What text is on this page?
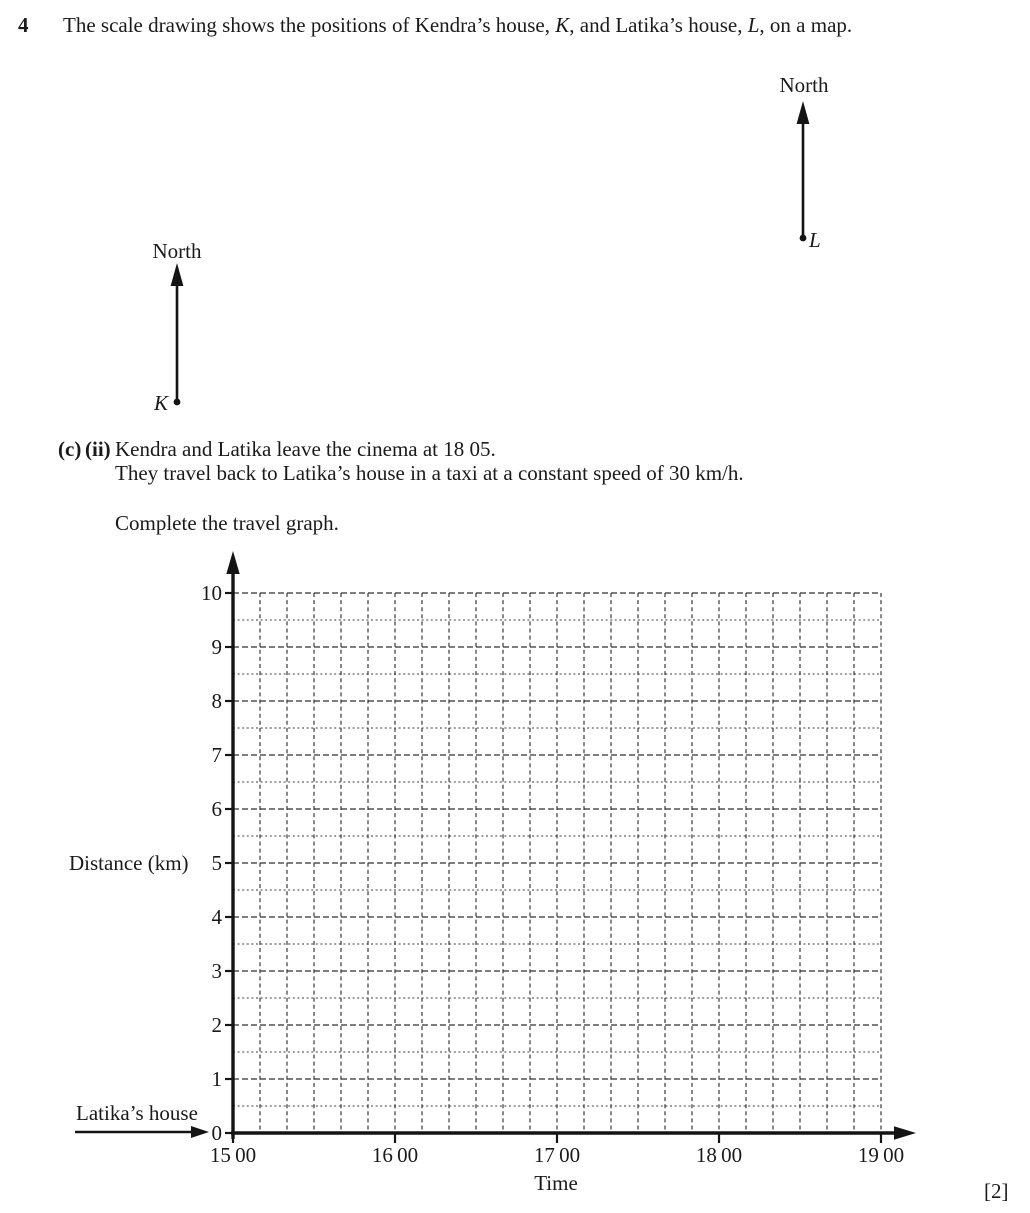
4 The scale drawing shows the positions of Kendra’s house, K, and Latika’s house, L, on a map.
(c) (ii) Kendra and Latika leave the cinema at 18 05.
They travel back to Latika’s house in a taxi at a constant speed of 30 km/h.
Complete the travel graph.
[2]
North
L
North
K
15 00	16 00	17 00	18 00	19 00
0
1
2
3
4
5
6
7
8
9
10
Distance (km)
Time
Latika’s house
